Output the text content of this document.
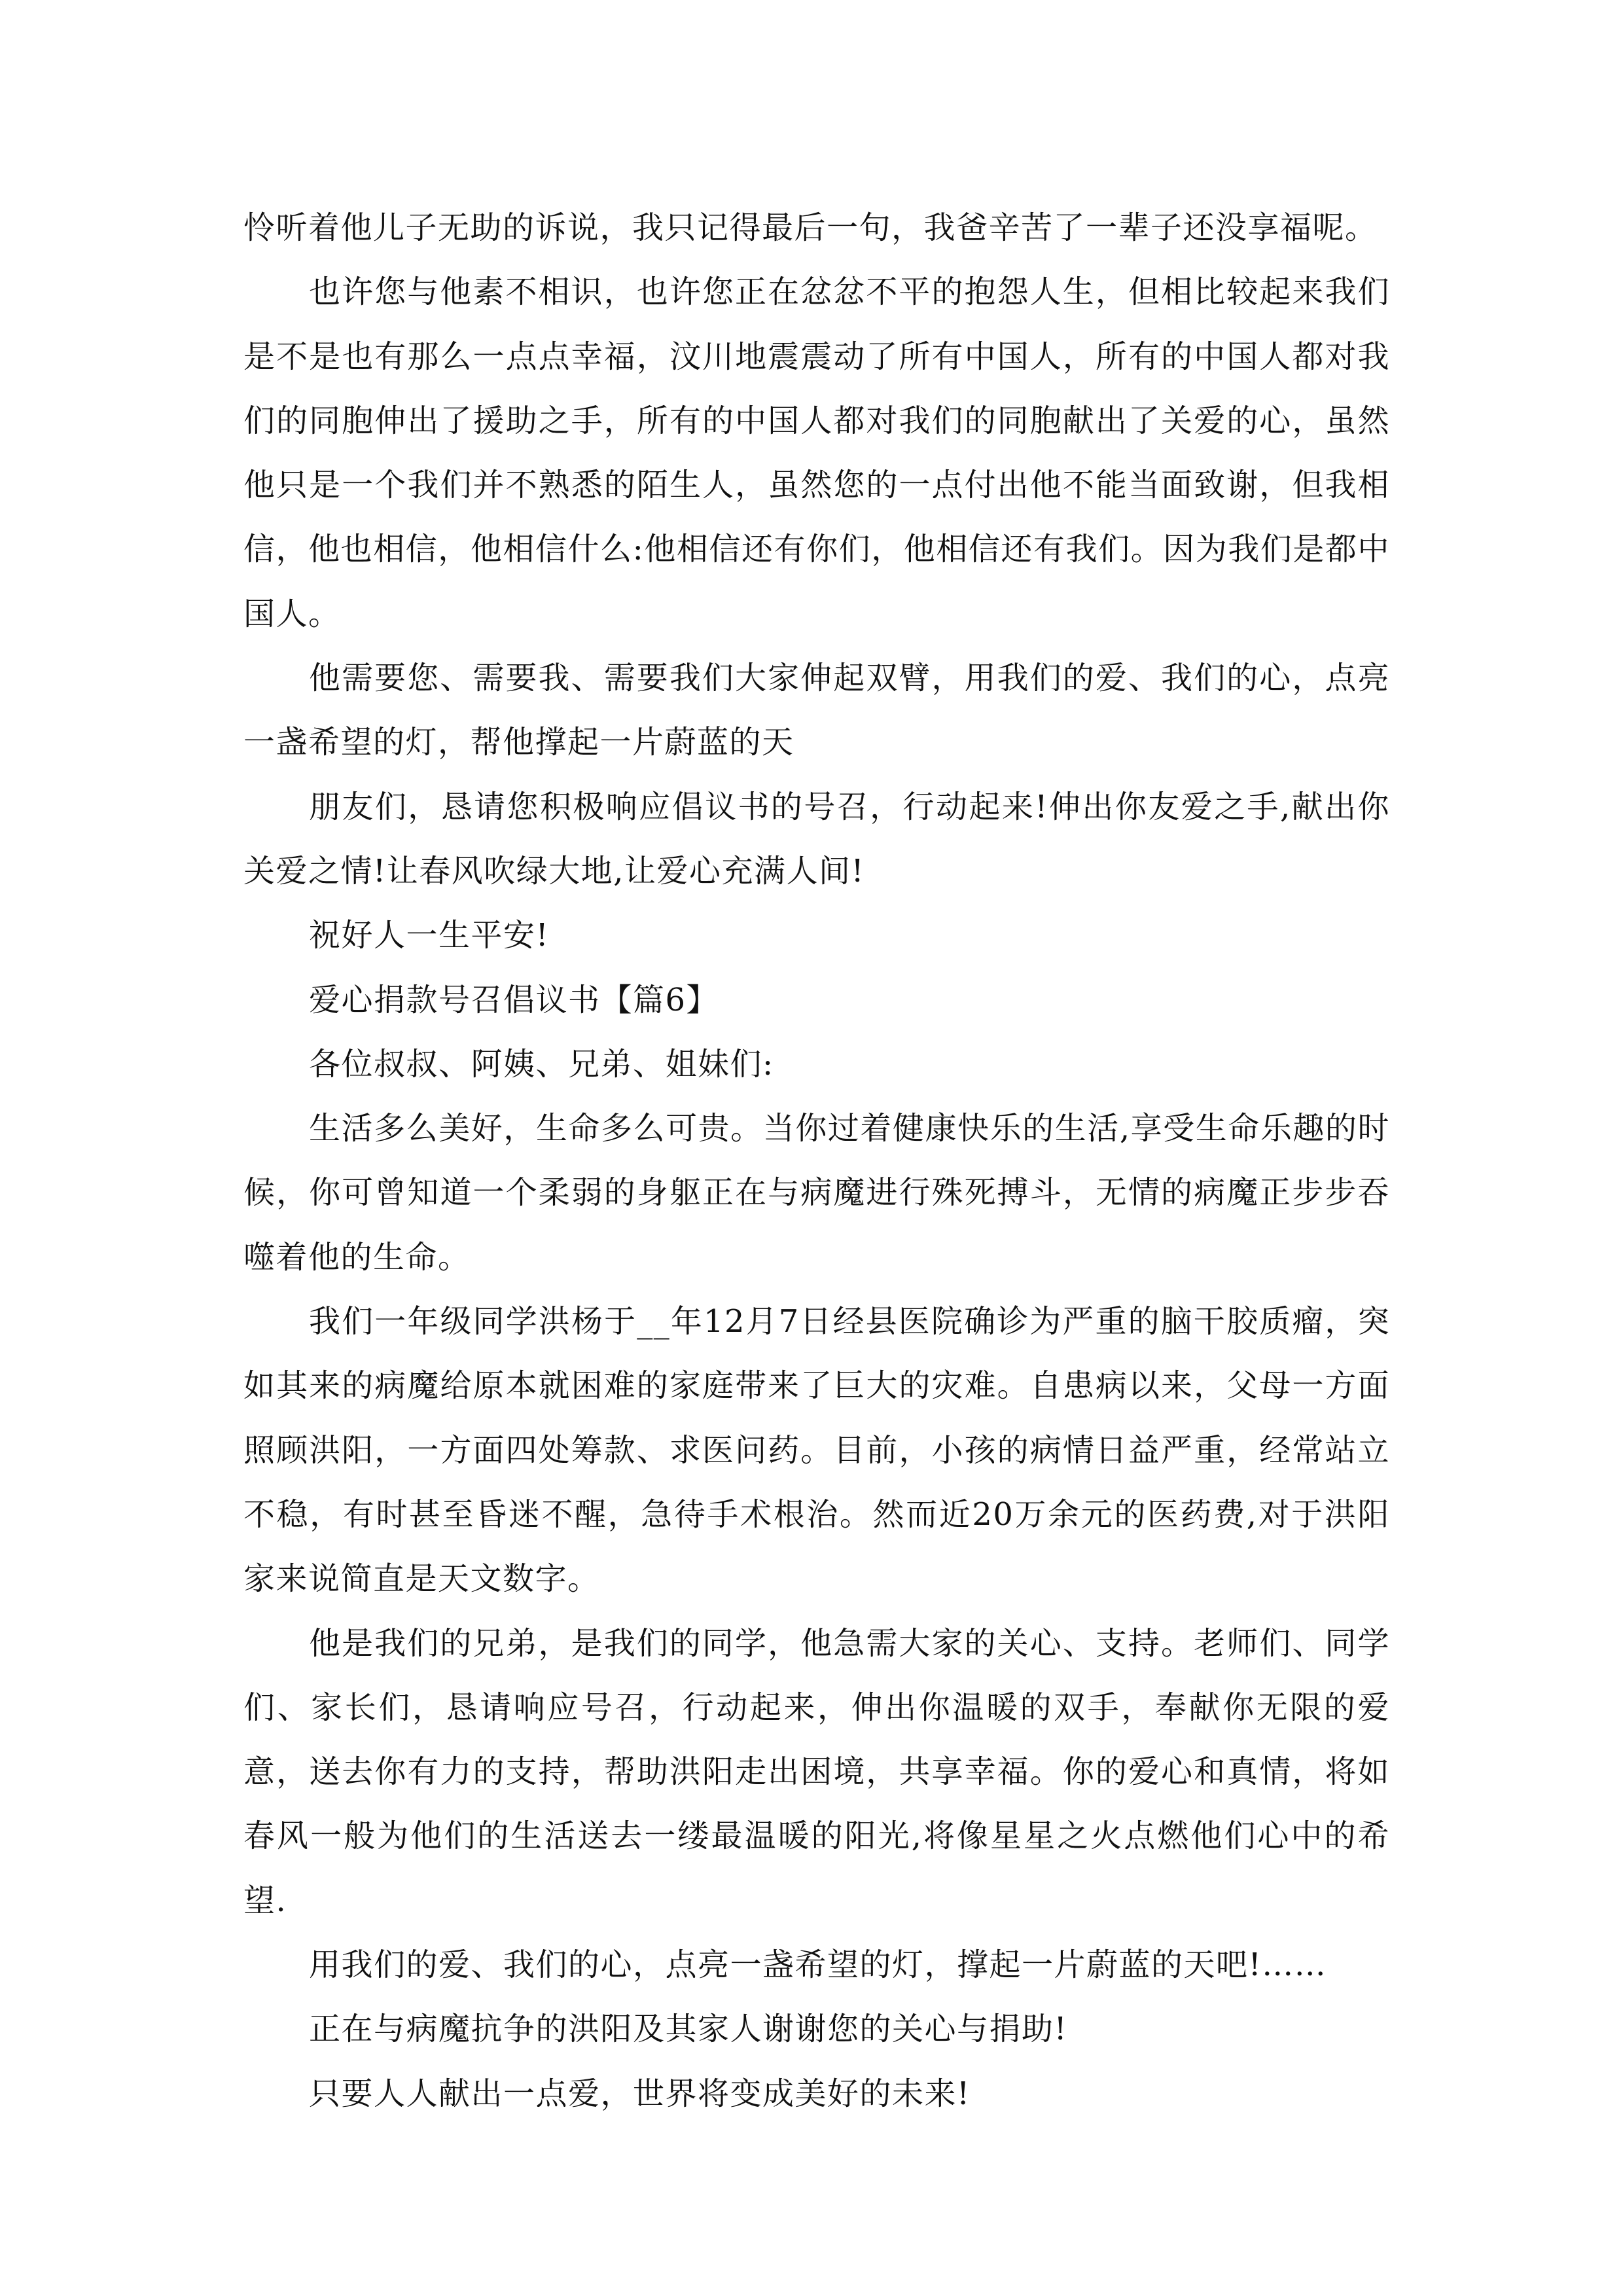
怜听着他儿子无助的诉说，我只记得最后一句，我爸辛苦了一辈子还没享福呢。

也许您与他素不相识，也许您正在忿忿不平的抱怨人生，但相比较起来我们是不是也有那么一点点幸福，汶川地震震动了所有中国人，所有的中国人都对我们的同胞伸出了援助之手，所有的中国人都对我们的同胞献出了关爱的心，虽然他只是一个我们并不熟悉的陌生人，虽然您的一点付出他不能当面致谢，但我相信，他也相信，他相信什么:他相信还有你们，他相信还有我们。因为我们是都中国人。

他需要您、需要我、需要我们大家伸起双臂，用我们的爱、我们的心，点亮一盏希望的灯，帮他撑起一片蔚蓝的天

朋友们，恳请您积极响应倡议书的号召，行动起来!伸出你友爱之手,献出你关爱之情!让春风吹绿大地,让爱心充满人间!

祝好人一生平安!

爱心捐款号召倡议书【篇6】

各位叔叔、阿姨、兄弟、姐妹们:

生活多么美好，生命多么可贵。当你过着健康快乐的生活,享受生命乐趣的时候，你可曾知道一个柔弱的身躯正在与病魔进行殊死搏斗，无情的病魔正步步吞噬着他的生命。

我们一年级同学洪杨于__年12月7日经县医院确诊为严重的脑干胶质瘤，突如其来的病魔给原本就困难的家庭带来了巨大的灾难。自患病以来，父母一方面照顾洪阳，一方面四处筹款、求医问药。目前，小孩的病情日益严重，经常站立不稳，有时甚至昏迷不醒，急待手术根治。然而近20万余元的医药费,对于洪阳家来说简直是天文数字。

他是我们的兄弟，是我们的同学，他急需大家的关心、支持。老师们、同学们、家长们，恳请响应号召，行动起来，伸出你温暖的双手，奉献你无限的爱意，送去你有力的支持，帮助洪阳走出困境，共享幸福。你的爱心和真情，将如春风一般为他们的生活送去一缕最温暖的阳光,将像星星之火点燃他们心中的希望.

用我们的爱、我们的心，点亮一盏希望的灯，撑起一片蔚蓝的天吧!……

正在与病魔抗争的洪阳及其家人谢谢您的关心与捐助!

只要人人献出一点爱，世界将变成美好的未来!
